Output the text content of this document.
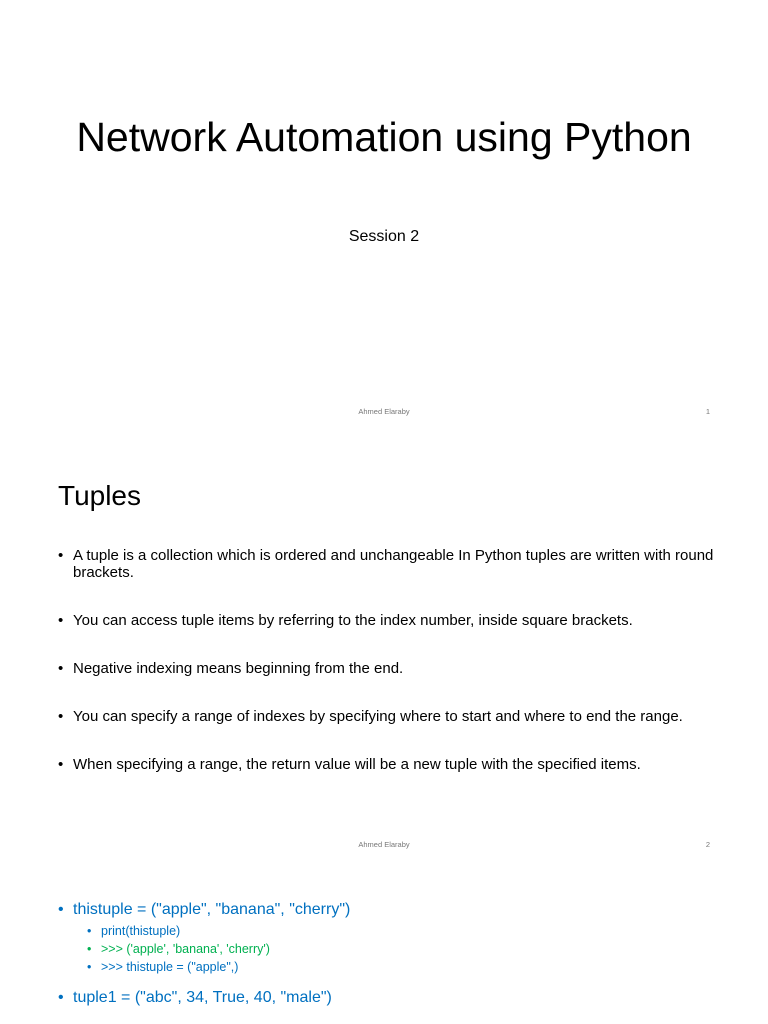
Network Automation using Python
Session 2
Ahmed Elaraby	1
Tuples
• A tuple is a collection which is ordered and unchangeable In Python tuples are written with round brackets.
• You can access tuple items by referring to the index number, inside square brackets.
• Negative indexing means beginning from the end.
• You can specify a range of indexes by specifying where to start and where to end the range.
• When specifying a range, the return value will be a new tuple with the specified items.
Ahmed Elaraby	2
• thistuple = ("apple", "banana", "cherry")
• print(thistuple)
• >>> ('apple', 'banana', 'cherry')
• >>> thistuple = ("apple",)
• tuple1 = ("abc", 34, True, 40, "male")
